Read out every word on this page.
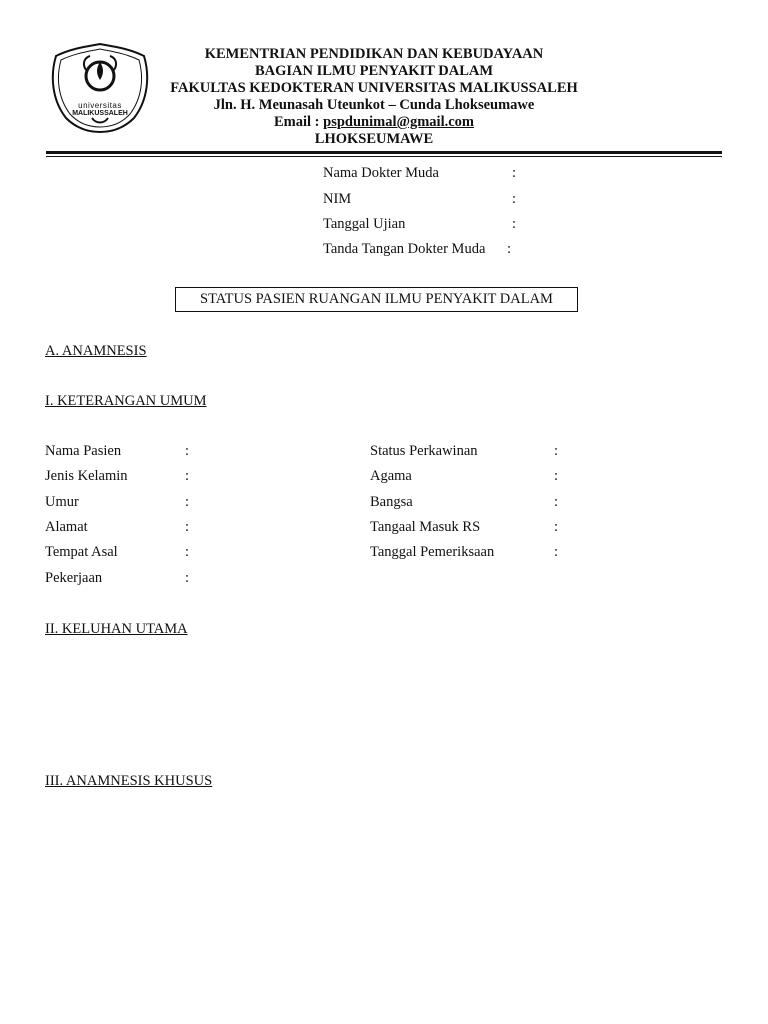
universitas
MALIKUSSALEH
KEMENTRIAN PENDIDIKAN DAN KEBUDAYAAN
BAGIAN ILMU PENYAKIT DALAM
FAKULTAS KEDOKTERAN UNIVERSITAS MALIKUSSALEH
Jln. H. Meunasah Uteunkot – Cunda Lhokseumawe
Email : pspdunimal@gmail.com
LHOKSEUMAWE
Nama Dokter Muda	:
NIM	:
Tanggal Ujian	:
Tanda Tangan Dokter Muda :
STATUS PASIEN RUANGAN ILMU PENYAKIT DALAM
A. ANAMNESIS
I. KETERANGAN UMUM
Nama Pasien	:
Jenis Kelamin	:
Umur	:
Alamat	:
Tempat Asal	:
Pekerjaan	:
Status Perkawinan	:
Agama	:
Bangsa	:
Tangaal Masuk RS	:
Tanggal Pemeriksaan	:
II. KELUHAN UTAMA
III. ANAMNESIS KHUSUS
